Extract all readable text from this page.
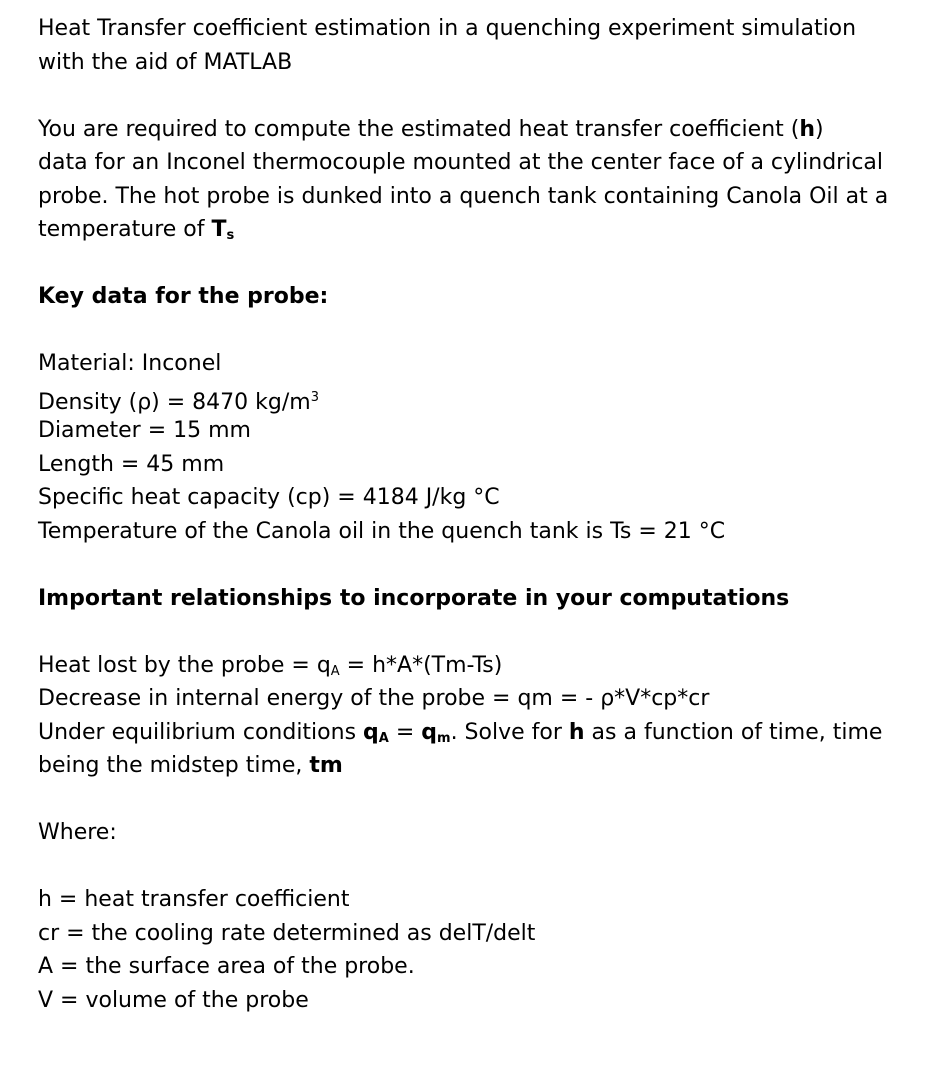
Heat Transfer coefficient estimation in a quenching experiment simulation
with the aid of MATLAB
You are required to compute the estimated heat transfer coefficient (h)
data for an Inconel thermocouple mounted at the center face of a cylindrical
probe. The hot probe is dunked into a quench tank containing Canola Oil at a
temperature of $T_s$
Key data for the probe:
Material: Inconel
Density (ρ) = 8470 $kg/m^3$
Diameter = 15 mm
Length = 45 mm
Specific heat capacity (cp) = 4184 J/kg °C
Temperature of the Canola oil in the quench tank is Ts = 21 °C
Important relationships to incorporate in your computations
Heat lost by the probe = $q_A = h*A*(Tm-Ts)$
Decrease in internal energy of the probe = qm = - ρ*V*cp*cr
Under equilibrium conditions $q_A = q_m$. Solve for h as a function of time, time
being the midstep time, tm
Where:
h = heat transfer coefficient
cr = the cooling rate determined as delT/delt
A = the surface area of the probe.
V = volume of the probe
